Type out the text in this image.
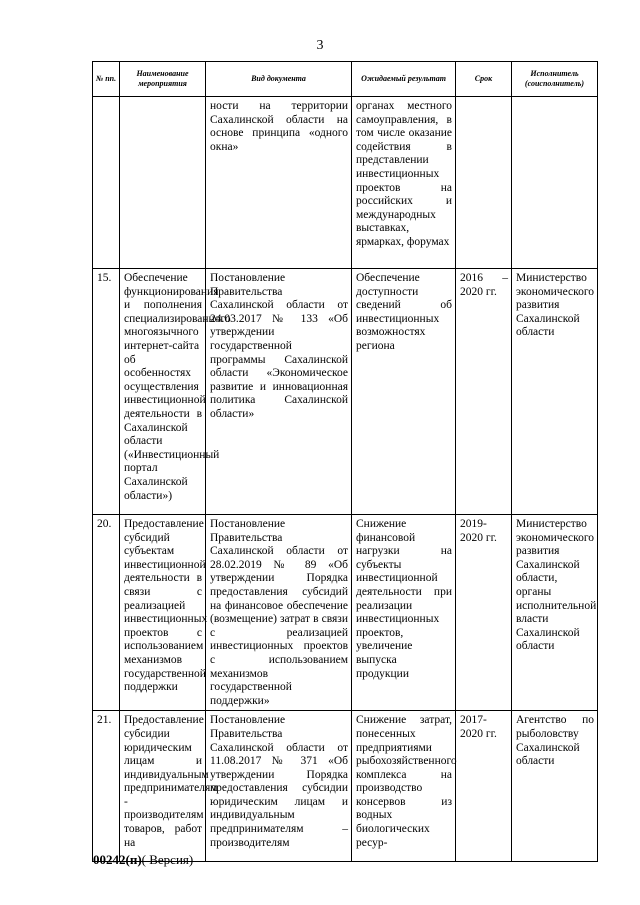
3
№ пп.	Наименование мероприятия	Вид документа	Ожидаемый результат	Срок	Исполнитель (соисполнитель)
		ности на территории Сахалинской области на основе принципа «одного окна»	органах местного самоуправления, в том числе оказание содействия в представлении инвестиционных проектов на российских и международных выставках, ярмарках, форумах		
15.	Обеспечение функционирования и пополнения специализированного многоязычного интернет-сайта об особенностях осуществления инвестиционной деятельности в Сахалинской области («Инвестиционный портал Сахалинской области»)	Постановление Правительства Сахалинской области от 24.03.2017 № 133 «Об утверждении государственной программы Сахалинской области «Экономическое развитие и инновационная политика Сахалинской области»	Обеспечение доступности сведений об инвестиционных возможностях региона	2016 – 2020 гг.	Министерство экономического развития Сахалинской области
20.	Предоставление субсидий субъектам инвестиционной деятельности в связи с реализацией инвестиционных проектов с использованием механизмов государственной поддержки	Постановление Правительства Сахалинской области от 28.02.2019 № 89 «Об утверждении Порядка предоставления субсидий на финансовое обеспечение (возмещение) затрат в связи с реализацией инвестиционных проектов с использованием механизмов государственной поддержки»	Снижение финансовой нагрузки на субъекты инвестиционной деятельности при реализации инвестиционных проектов, увеличение выпуска продукции	2019- 2020 гг.	Министерство экономического развития Сахалинской области, органы исполнительной власти Сахалинской области
21.	Предоставление субсидии юридическим лицам и индивидуальным предпринимателям - производителям товаров, работ на	Постановление Правительства Сахалинской области от 11.08.2017 № 371 «Об утверждении Порядка предоставления субсидии юридическим лицам и индивидуальным предпринимателям – производителям	Снижение затрат, понесенных предприятиями рыбохозяйственного комплекса на производство консервов из водных биологических ресур-	2017- 2020 гг.	Агентство по рыболовству Сахалинской области
00242(п)( Версия)
